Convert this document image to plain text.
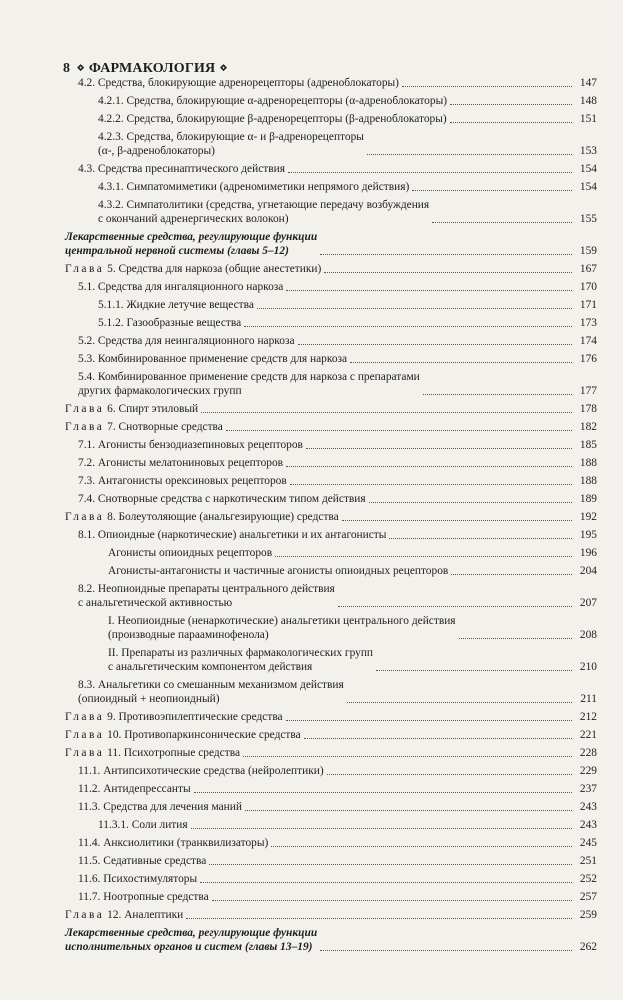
8 ⋄ ФАРМАКОЛОГИЯ ⋄
4.2. Средства, блокирующие адренорецепторы (адреноблокаторы)	147
4.2.1. Средства, блокирующие α-адренорецепторы (α-адреноблокаторы)	148
4.2.2. Средства, блокирующие β-адренорецепторы (β-адреноблокаторы)	151
4.2.3. Средства, блокирующие α- и β-адренорецепторы
(α-, β-адреноблокаторы)	153
4.3. Средства пресинаптического действия	154
4.3.1. Симпатомиметики (адреномиметики непрямого действия)	154
4.3.2. Симпатолитики (средства, угнетающие передачу возбуждения
с окончаний адренергических волокон)	155
Лекарственные средства, регулирующие функции
центральной нервной системы (главы 5–12)	159
Глава 5. Средства для наркоза (общие анестетики)	167
5.1. Средства для ингаляционного наркоза	170
5.1.1. Жидкие летучие вещества	171
5.1.2. Газообразные вещества	173
5.2. Средства для неингаляционного наркоза	174
5.3. Комбинированное применение средств для наркоза	176
5.4. Комбинированное применение средств для наркоза с препаратами
других фармакологических групп	177
Глава 6. Спирт этиловый	178
Глава 7. Снотворные средства	182
7.1. Агонисты бензодиазепиновых рецепторов	185
7.2. Агонисты мелатониновых рецепторов	188
7.3. Антагонисты орексиновых рецепторов	188
7.4. Снотворные средства с наркотическим типом действия	189
Глава 8. Болеутоляющие (анальгезирующие) средства	192
8.1. Опиоидные (наркотические) анальгетики и их антагонисты	195
Агонисты опиоидных рецепторов	196
Агонисты-антагонисты и частичные агонисты опиоидных рецепторов	204
8.2. Неопиоидные препараты центрального действия
с анальгетической активностью	207
I. Неопиоидные (ненаркотические) анальгетики центрального действия
(производные парааминофенола)	208
II. Препараты из различных фармакологических групп
с анальгетическим компонентом действия	210
8.3. Анальгетики со смешанным механизмом действия
(опиоидный + неопиоидный)	211
Глава 9. Противоэпилептические средства	212
Глава 10. Противопаркинсонические средства	221
Глава 11. Психотропные средства	228
11.1. Антипсихотические средства (нейролептики)	229
11.2. Антидепрессанты	237
11.3. Средства для лечения маний	243
11.3.1. Соли лития	243
11.4. Анксиолитики (транквилизаторы)	245
11.5. Седативные средства	251
11.6. Психостимуляторы	252
11.7. Ноотропные средства	257
Глава 12. Аналептики	259
Лекарственные средства, регулирующие функции
исполнительных органов и систем (главы 13–19)	262
